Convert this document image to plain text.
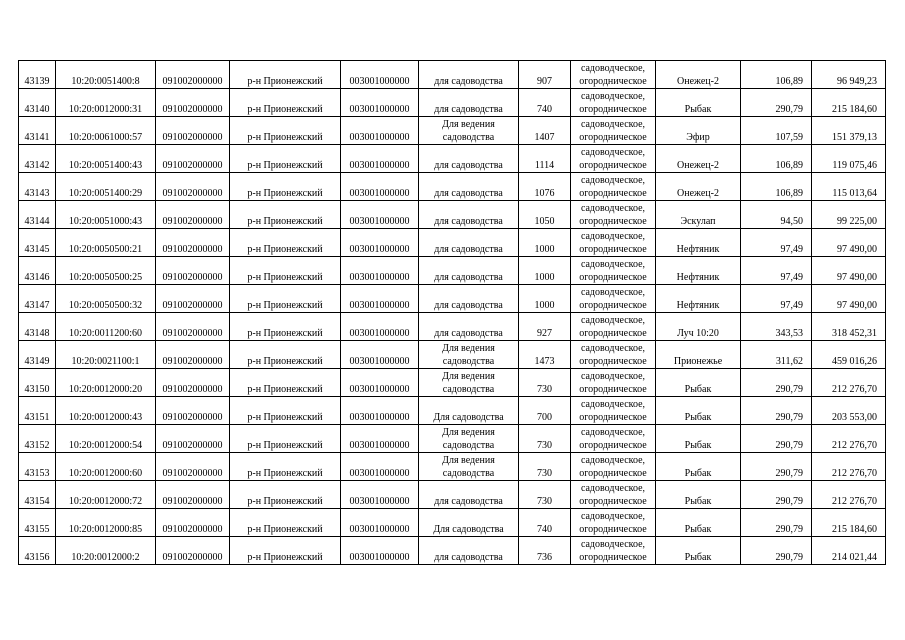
43139	10:20:0051400:8	091002000000	р-н Прионежский	003001000000	для садоводства	907	садоводческое,
огородническое	Онежец-2	106,89	96 949,23
43140	10:20:0012000:31	091002000000	р-н Прионежский	003001000000	для садоводства	740	садоводческое,
огородническое	Рыбак	290,79	215 184,60
43141	10:20:0061000:57	091002000000	р-н Прионежский	003001000000	Для ведения
садоводства	1407	садоводческое,
огородническое	Эфир	107,59	151 379,13
43142	10:20:0051400:43	091002000000	р-н Прионежский	003001000000	для садоводства	1114	садоводческое,
огородническое	Онежец-2	106,89	119 075,46
43143	10:20:0051400:29	091002000000	р-н Прионежский	003001000000	для садоводства	1076	садоводческое,
огородническое	Онежец-2	106,89	115 013,64
43144	10:20:0051000:43	091002000000	р-н Прионежский	003001000000	для садоводства	1050	садоводческое,
огородническое	Эскулап	94,50	99 225,00
43145	10:20:0050500:21	091002000000	р-н Прионежский	003001000000	для садоводства	1000	садоводческое,
огородническое	Нефтяник	97,49	97 490,00
43146	10:20:0050500:25	091002000000	р-н Прионежский	003001000000	для садоводства	1000	садоводческое,
огородническое	Нефтяник	97,49	97 490,00
43147	10:20:0050500:32	091002000000	р-н Прионежский	003001000000	для садоводства	1000	садоводческое,
огородническое	Нефтяник	97,49	97 490,00
43148	10:20:0011200:60	091002000000	р-н Прионежский	003001000000	для садоводства	927	садоводческое,
огородническое	Луч 10:20	343,53	318 452,31
43149	10:20:0021100:1	091002000000	р-н Прионежский	003001000000	Для ведения
садоводства	1473	садоводческое,
огородническое	Прионежье	311,62	459 016,26
43150	10:20:0012000:20	091002000000	р-н Прионежский	003001000000	Для ведения
садоводства	730	садоводческое,
огородническое	Рыбак	290,79	212 276,70
43151	10:20:0012000:43	091002000000	р-н Прионежский	003001000000	Для садоводства	700	садоводческое,
огородническое	Рыбак	290,79	203 553,00
43152	10:20:0012000:54	091002000000	р-н Прионежский	003001000000	Для ведения
садоводства	730	садоводческое,
огородническое	Рыбак	290,79	212 276,70
43153	10:20:0012000:60	091002000000	р-н Прионежский	003001000000	Для ведения
садоводства	730	садоводческое,
огородническое	Рыбак	290,79	212 276,70
43154	10:20:0012000:72	091002000000	р-н Прионежский	003001000000	для садоводства	730	садоводческое,
огородническое	Рыбак	290,79	212 276,70
43155	10:20:0012000:85	091002000000	р-н Прионежский	003001000000	Для садоводства	740	садоводческое,
огородническое	Рыбак	290,79	215 184,60
43156	10:20:0012000:2	091002000000	р-н Прионежский	003001000000	для садоводства	736	садоводческое,
огородническое	Рыбак	290,79	214 021,44
